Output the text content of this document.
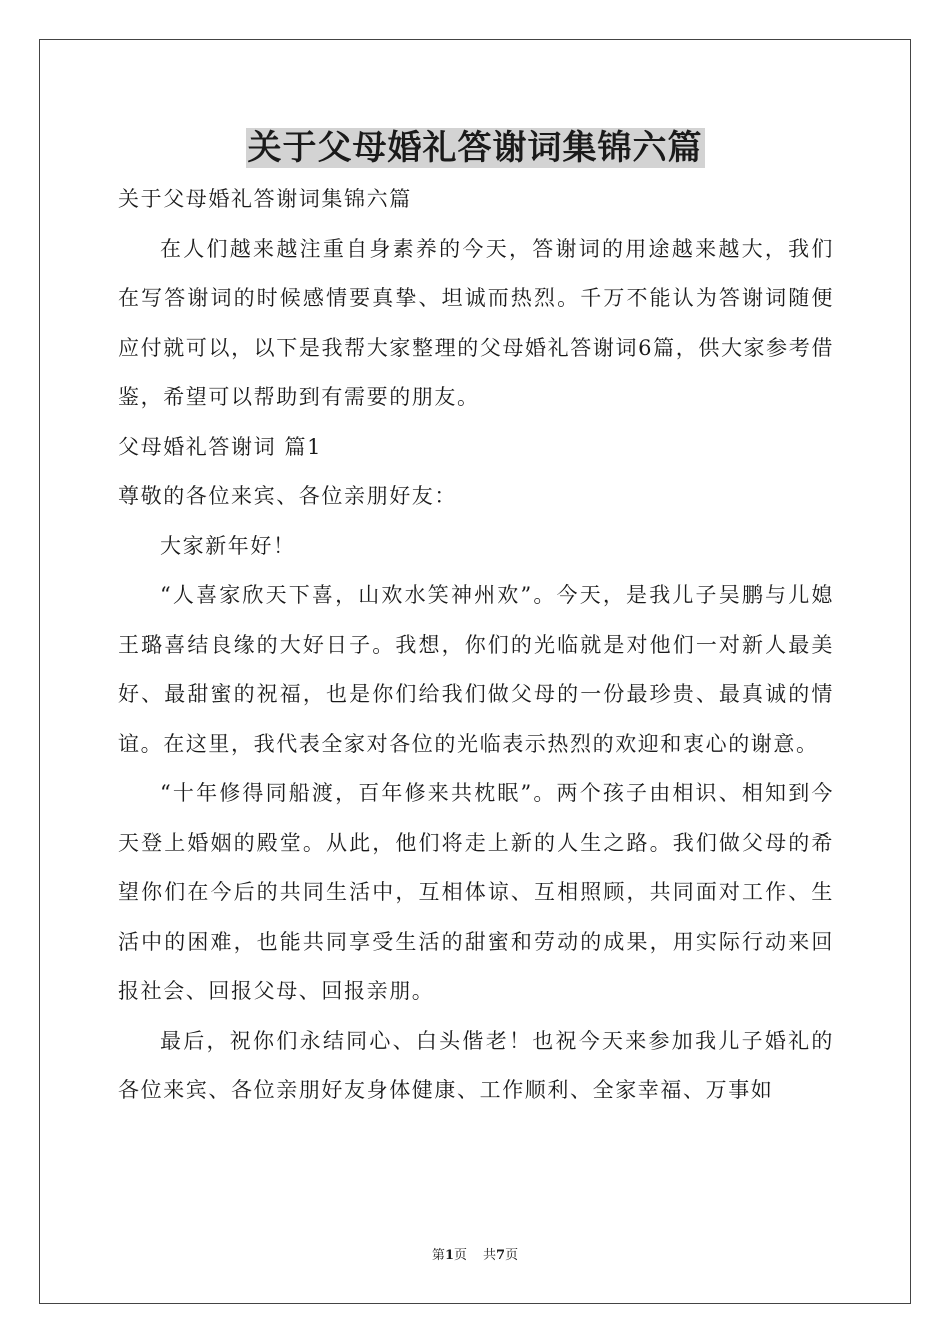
关于父母婚礼答谢词集锦六篇

关于父母婚礼答谢词集锦六篇

在人们越来越注重自身素养的今天，答谢词的用途越来越大，我们在写答谢词的时候感情要真挚、坦诚而热烈。千万不能认为答谢词随便应付就可以，以下是我帮大家整理的父母婚礼答谢词6篇，供大家参考借鉴，希望可以帮助到有需要的朋友。

父母婚礼答谢词 篇1

尊敬的各位来宾、各位亲朋好友：

大家新年好！

“人喜家欣天下喜，山欢水笑神州欢”。今天，是我儿子吴鹏与儿媳王璐喜结良缘的大好日子。我想，你们的光临就是对他们一对新人最美好、最甜蜜的祝福，也是你们给我们做父母的一份最珍贵、最真诚的情谊。在这里，我代表全家对各位的光临表示热烈的欢迎和衷心的谢意。

“十年修得同船渡，百年修来共枕眠”。两个孩子由相识、相知到今天登上婚姻的殿堂。从此，他们将走上新的人生之路。我们做父母的希望你们在今后的共同生活中，互相体谅、互相照顾，共同面对工作、生活中的困难，也能共同享受生活的甜蜜和劳动的成果，用实际行动来回报社会、回报父母、回报亲朋。

最后，祝你们永结同心、白头偕老！也祝今天来参加我儿子婚礼的各位来宾、各位亲朋好友身体健康、工作顺利、全家幸福、万事如

第1页 共7页
